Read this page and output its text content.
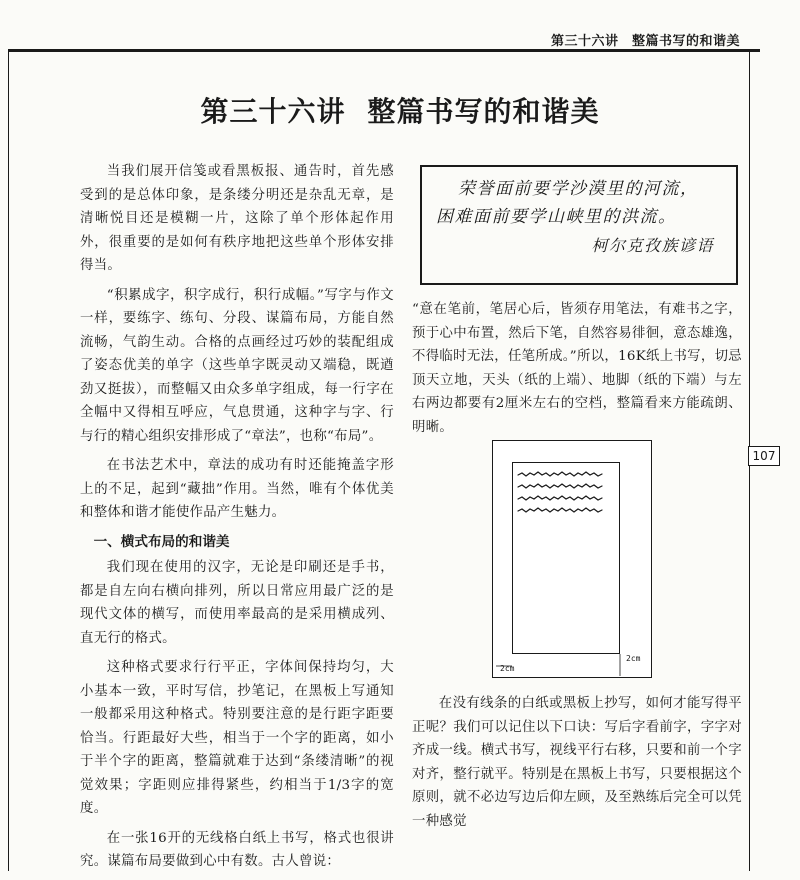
第三十六讲　整篇书写的和谐美
第三十六讲 整篇书写的和谐美
荣誉面前要学沙漠里的河流，
困难面前要学山峡里的洪流。
柯尔克孜族谚语

当我们展开信笺或看黑板报、通告时，首先感受到的是总体印象，是条缕分明还是杂乱无章，是清晰悦目还是模糊一片，这除了单个形体起作用外，很重要的是如何有秩序地把这些单个形体安排得当。

“积累成字，积字成行，积行成幅。”写字与作文一样，要练字、练句、分段、谋篇布局，方能自然流畅，气韵生动。合格的点画经过巧妙的装配组成了姿态优美的单字（这些单字既灵动又端稳，既遒劲又挺拔），而整幅又由众多单字组成，每一行字在全幅中又得相互呼应，气息贯通，这种字与字、行与行的精心组织安排形成了“章法”，也称“布局”。

在书法艺术中，章法的成功有时还能掩盖字形上的不足，起到“藏拙”作用。当然，唯有个体优美和整体和谐才能使作品产生魅力。

一、横式布局的和谐美

我们现在使用的汉字，无论是印刷还是手书，都是自左向右横向排列，所以日常应用最广泛的是现代文体的横写，而使用率最高的是采用横成列、直无行的格式。

这种格式要求行行平正，字体间保持均匀，大小基本一致，平时写信，抄笔记，在黑板上写通知一般都采用这种格式。特别要注意的是行距字距要恰当。行距最好大些，相当于一个字的距离，如小于半个字的距离，整篇就难于达到“条缕清晰”的视觉效果；字距则应排得紧些，约相当于1/3字的宽度。

在一张16开的无线格白纸上书写，格式也很讲究。谋篇布局要做到心中有数。古人曾说：

“意在笔前，笔居心后，皆须存用笔法，有难书之字，预于心中布置，然后下笔，自然容易徘徊，意态雄逸，不得临时无法，任笔所成。”所以，16K纸上书写，切忌顶天立地，天头（纸的上端）、地脚（纸的下端）与左右两边都要有2厘米左右的空档，整篇看来方能疏朗、明晰。

107
2cm
2cm

在没有线条的白纸或黑板上抄写，如何才能写得平正呢？我们可以记住以下口诀：写后字看前字，字字对齐成一线。横式书写，视线平行右移，只要和前一个字对齐，整行就平。特别是在黑板上书写，只要根据这个原则，就不必边写边后仰左顾，及至熟练后完全可以凭一种感觉
